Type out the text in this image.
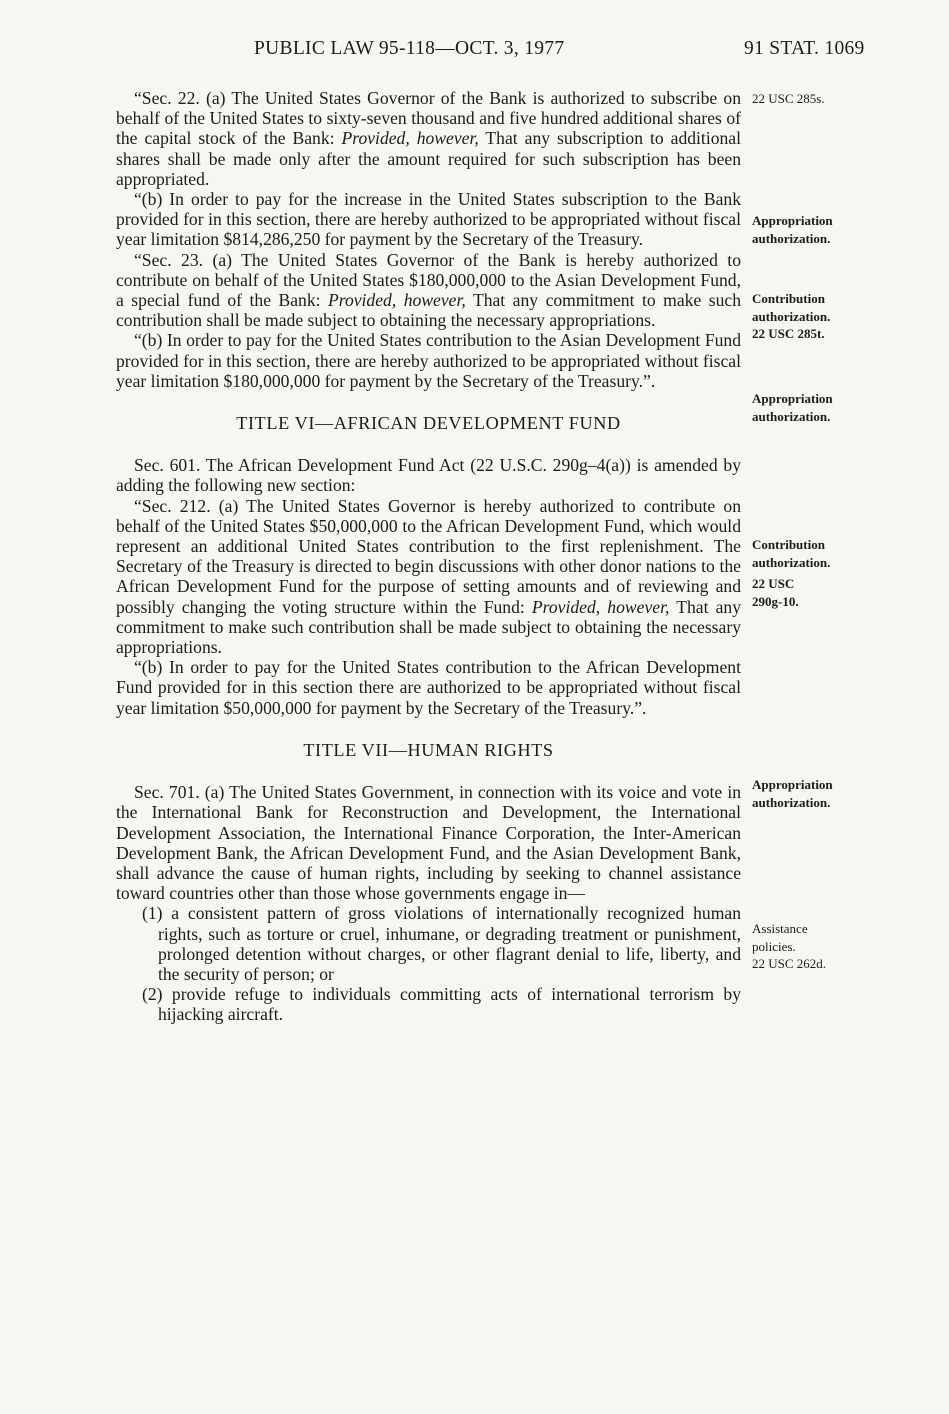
PUBLIC LAW 95-118—OCT. 3, 1977	91 STAT. 1069

“Sec. 22. (a) The United States Governor of the Bank is authorized to subscribe on behalf of the United States to sixty-seven thousand and five hundred additional shares of the capital stock of the Bank: Provided, however, That any subscription to additional shares shall be made only after the amount required for such subscription has been appropriated.

“(b) In order to pay for the increase in the United States subscription to the Bank provided for in this section, there are hereby authorized to be appropriated without fiscal year limitation $814,286,250 for payment by the Secretary of the Treasury.

“Sec. 23. (a) The United States Governor of the Bank is hereby authorized to contribute on behalf of the United States $180,000,000 to the Asian Development Fund, a special fund of the Bank: Provided, however, That any commitment to make such contribution shall be made subject to obtaining the necessary appropriations.

“(b) In order to pay for the United States contribution to the Asian Development Fund provided for in this section, there are hereby authorized to be appropriated without fiscal year limitation $180,000,000 for payment by the Secretary of the Treasury.”.

TITLE VI—AFRICAN DEVELOPMENT FUND

Sec. 601. The African Development Fund Act (22 U.S.C. 290g–4(a)) is amended by adding the following new section:

“Sec. 212. (a) The United States Governor is hereby authorized to contribute on behalf of the United States $50,000,000 to the African Development Fund, which would represent an additional United States contribution to the first replenishment. The Secretary of the Treasury is directed to begin discussions with other donor nations to the African Development Fund for the purpose of setting amounts and of reviewing and possibly changing the voting structure within the Fund: Provided, however, That any commitment to make such contribution shall be made subject to obtaining the necessary appropriations.

“(b) In order to pay for the United States contribution to the African Development Fund provided for in this section there are authorized to be appropriated without fiscal year limitation $50,000,000 for payment by the Secretary of the Treasury.”.

TITLE VII—HUMAN RIGHTS

Sec. 701. (a) The United States Government, in connection with its voice and vote in the International Bank for Reconstruction and Development, the International Development Association, the International Finance Corporation, the Inter-American Development Bank, the African Development Fund, and the Asian Development Bank, shall advance the cause of human rights, including by seeking to channel assistance toward countries other than those whose governments engage in—

(1) a consistent pattern of gross violations of internationally recognized human rights, such as torture or cruel, inhumane, or degrading treatment or punishment, prolonged detention without charges, or other flagrant denial to life, liberty, and the security of person; or

(2) provide refuge to individuals committing acts of international terrorism by hijacking aircraft.

22 USC 285s.
Appropriation
authorization.
Contribution
authorization.
22 USC 285t.
Appropriation
authorization.
Contribution
authorization.
22 USC
290g-10.
Appropriation
authorization.
Assistance
policies.
22 USC 262d.
